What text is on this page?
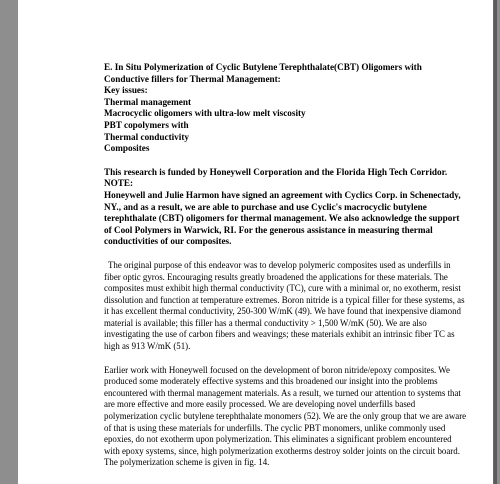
E. In Situ Polymerization of Cyclic Butylene Terephthalate(CBT) Oligomers with Conductive fillers for Thermal Management:

Key issues:

Thermal management

Macrocyclic oligomers with ultra-low melt viscosity

PBT copolymers with

Thermal conductivity

Composites

This research is funded by Honeywell Corporation and the Florida High Tech Corridor.

NOTE:

Honeywell and Julie Harmon have signed an agreement with Cyclics Corp. in Schenectady, NY., and as a result, we are able to purchase and use Cyclic's macrocyclic butylene terephthalate (CBT) oligomers for thermal management. We also acknowledge the support of Cool Polymers in Warwick, RI. For the generous assistance in measuring thermal conductivities of our composites.

The original purpose of this endeavor was to develop polymeric composites used as underfills in fiber optic gyros. Encouraging results greatly broadened the applications for these materials. The composites must exhibit high thermal conductivity (TC), cure with a minimal or, no exotherm, resist dissolution and function at temperature extremes. Boron nitride is a typical filler for these systems, as it has excellent thermal conductivity, 250-300 W/mK (49). We have found that inexpensive diamond material is available; this filler has a thermal conductivity > 1,500 W/mK (50). We are also investigating the use of carbon fibers and weavings; these materials exhibit an intrinsic fiber TC as high as 913 W/mK (51).

Earlier work with Honeywell focused on the development of boron nitride/epoxy composites. We produced some moderately effective systems and this broadened our insight into the problems encountered with thermal management materials. As a result, we turned our attention to systems that are more effective and more easily processed. We are developing novel underfills based polymerization cyclic butylene terephthalate monomers (52). We are the only group that we are aware of that is using these materials for underfills. The cyclic PBT monomers, unlike commonly used epoxies, do not exotherm upon polymerization. This eliminates a significant problem encountered with epoxy systems, since, high polymerization exotherms destroy solder joints on the circuit board. The polymerization scheme is given in fig. 14.
